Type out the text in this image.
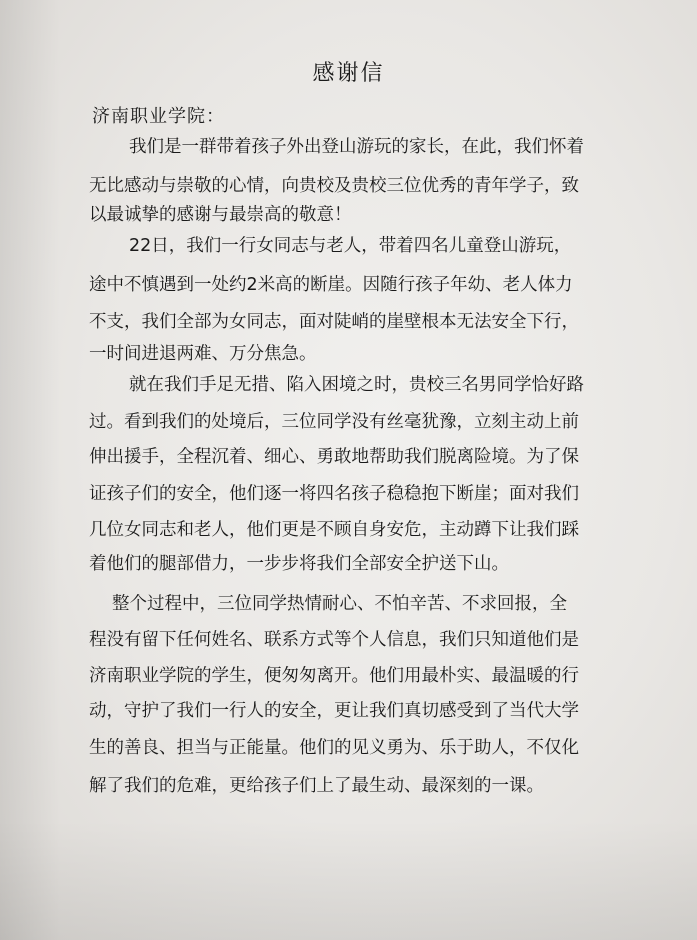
感谢信
济南职业学院：
我们是一群带着孩子外出登山游玩的家长，在此，我们怀着
无比感动与崇敬的心情，向贵校及贵校三位优秀的青年学子，致
以最诚挚的感谢与最崇高的敬意！
22日，我们一行女同志与老人，带着四名儿童登山游玩，
途中不慎遇到一处约2米高的断崖。因随行孩子年幼、老人体力
不支，我们全部为女同志，面对陡峭的崖壁根本无法安全下行，
一时间进退两难、万分焦急。
就在我们手足无措、陷入困境之时，贵校三名男同学恰好路
过。看到我们的处境后，三位同学没有丝毫犹豫，立刻主动上前
伸出援手，全程沉着、细心、勇敢地帮助我们脱离险境。为了保
证孩子们的安全，他们逐一将四名孩子稳稳抱下断崖；面对我们
几位女同志和老人，他们更是不顾自身安危，主动蹲下让我们踩
着他们的腿部借力，一步步将我们全部安全护送下山。
整个过程中，三位同学热情耐心、不怕辛苦、不求回报，全
程没有留下任何姓名、联系方式等个人信息，我们只知道他们是
济南职业学院的学生，便匆匆离开。他们用最朴实、最温暖的行
动，守护了我们一行人的安全，更让我们真切感受到了当代大学
生的善良、担当与正能量。他们的见义勇为、乐于助人，不仅化
解了我们的危难，更给孩子们上了最生动、最深刻的一课。
